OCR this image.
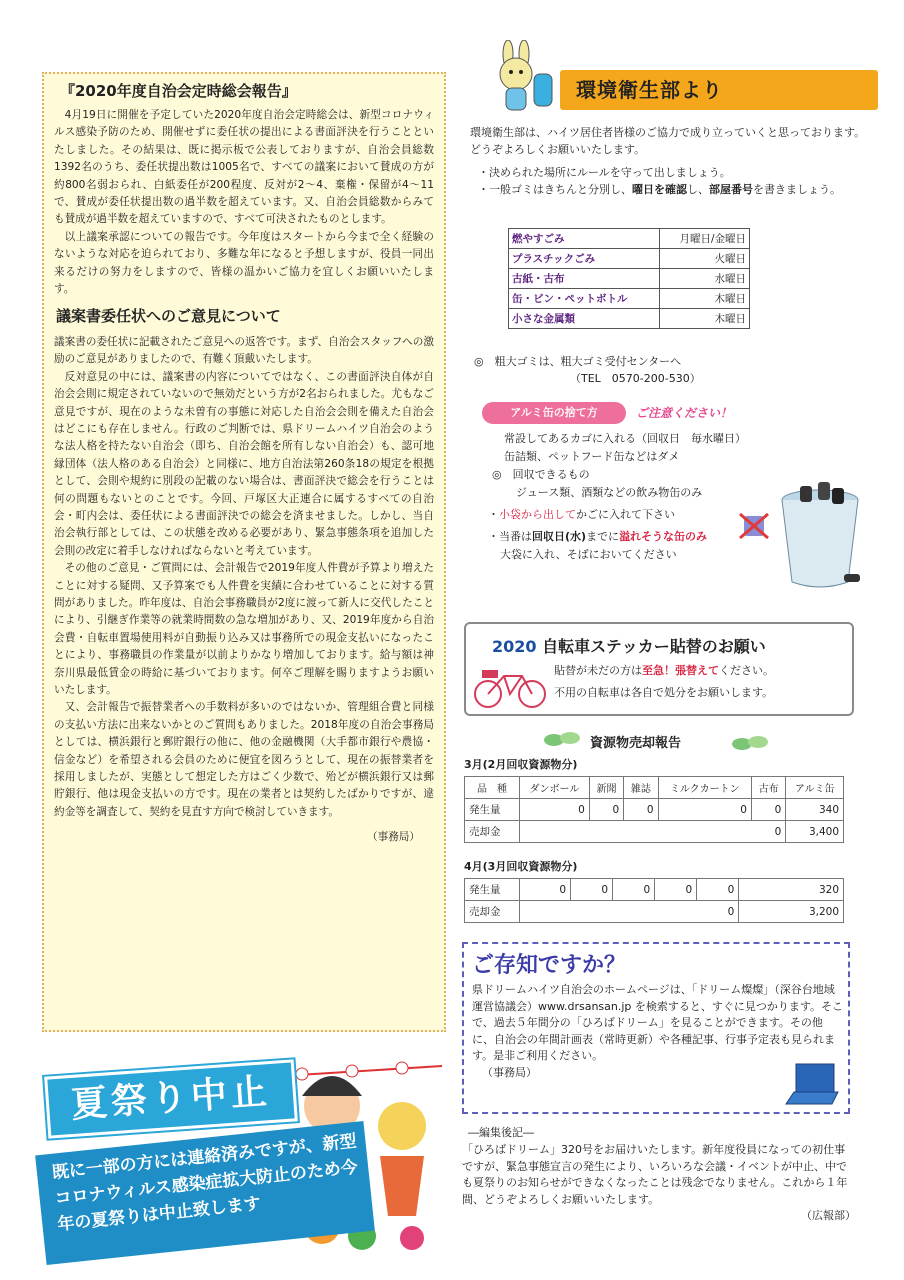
『2020年度自治会定時総会報告』

4月19日に開催を予定していた2020年度自治会定時総会は、新型コロナウィルス感染予防のため、開催せずに委任状の提出による書面評決を行うことといたしました。その結果は、既に掲示板で公表しておりますが、自治会員総数1392名のうち、委任状提出数は1005名で、すべての議案において賛成の方が約800名弱おられ、白紙委任が200程度、反対が2〜4、棄権・保留が4〜11で、賛成が委任状提出数の過半数を超えています。又、自治会員総数からみても賛成が過半数を超えていますので、すべて可決されたものとします。

以上議案承認についての報告です。今年度はスタートから今まで全く経験のないような対応を迫られており、多難な年になると予想しますが、役員一同出来るだけの努力をしますので、皆様の温かいご協力を宜しくお願いいたします。

議案書委任状へのご意見について

議案書の委任状に記載されたご意見への返答です。まず、自治会スタッフへの激励のご意見がありましたので、有難く頂戴いたします。

反対意見の中には、議案書の内容についてではなく、この書面評決自体が自治会会則に規定されていないので無効だという方が2名おられました。尤もなご意見ですが、現在のような未曽有の事態に対応した自治会会則を備えた自治会はどこにも存在しません。行政のご判断では、県ドリームハイツ自治会のような法人格を持たない自治会（即ち、自治会館を所有しない自治会）も、認可地縁団体（法人格のある自治会）と同様に、地方自治法第260条18の規定を根拠として、会則や規約に別段の記載のない場合は、書面評決で総会を行うことは何の問題もないとのことです。今回、戸塚区大正連合に属するすべての自治会・町内会は、委任状による書面評決での総会を済ませました。しかし、当自治会執行部としては、この状態を改める必要があり、緊急事態条項を追加した会則の改定に着手しなければならないと考えています。

その他のご意見・ご質問には、会計報告で2019年度人件費が予算より増えたことに対する疑問、又予算案でも人件費を実績に合わせていることに対する質問がありました。昨年度は、自治会事務職員が2度に渡って新人に交代したことにより、引継ぎ作業等の就業時間数の急な増加があり、又、2019年度から自治会費・自転車置場使用料が自動振り込み又は事務所での現金支払いになったことにより、事務職員の作業量が以前よりかなり増加しております。給与額は神奈川県最低賃金の時給に基づいております。何卒ご理解を賜りますようお願いいたします。

又、会計報告で振替業者への手数料が多いのではないか、管理組合費と同様の支払い方法に出来ないかとのご質問もありました。2018年度の自治会事務局としては、横浜銀行と郵貯銀行の他に、他の金融機関（大手都市銀行や農協・信金など）を希望される会員のために便宜を図ろうとして、現在の振替業者を採用しましたが、実態として想定した方はごく少数で、殆どが横浜銀行又は郵貯銀行、他は現金支払いの方です。現在の業者とは契約したばかりですが、違約金等を調査して、契約を見直す方向で検討していきます。

（事務局）
夏祭り中止
既に一部の方には連絡済みですが、新型コロナウィルス感染症拡大防止のため今年の夏祭りは中止致します
環境衛生部より
環境衛生部は、ハイツ居住者皆様のご協力で成り立っていくと思っております。どうぞよろしくお願いいたします。
・決められた場所にルールを守って出しましょう。
・一般ゴミはきちんと分別し、曜日を確認し、部屋番号を書きましょう。
燃やすごみ	月曜日/金曜日
プラスチックごみ	火曜日
古紙・古布	水曜日
缶・ビン・ペットボトル	木曜日
小さな金属類	木曜日
◎　粗大ゴミは、粗大ゴミ受付センターへ
（TEL　0570-200-530）
アルミ缶の捨て方	ご注意ください！
常設してあるカゴに入れる（回収日　毎水曜日）
缶詰類、ペットフード缶などはダメ
◎　回収できるもの
ジュース類、酒類などの飲み物缶のみ
・小袋から出してかごに入れて下さい
・当番は回収日(水)までに溢れそうな缶のみ
大袋に入れ、そばにおいてください
2020 自転車ステッカー貼替のお願い
貼替が未だの方は至急！張替えてください。
不用の自転車は各自で処分をお願いします。
資源物売却報告
3月(2月回収資源物分)
品　種	ダンボール	新聞	雑誌	ミルクカートン	古布	アルミ缶
発生量	0	0	0	0	0	340
売却金	0					3,400
4月(3月回収資源物分)
発生量	0	0	0	0	0	320
売却金	0					3,200
ご存知ですか？
県ドリームハイツ自治会のホームページは、「ドリーム燦燦」（深谷台地域運営協議会）www.drsansan.jp を検索すると、すぐに見つかります。そこで、過去５年間分の「ひろばドリーム」を見ることができます。その他に、自治会の年間計画表（常時更新）や各種記事、行事予定表も見られます。是非ご利用ください。
（事務局）
―編集後記―
「ひろばドリーム」320号をお届けいたします。新年度役員になっての初仕事ですが、緊急事態宣言の発生により、いろいろな会議・イベントが中止、中でも夏祭りのお知らせができなくなったことは残念でなりません。これから１年間、どうぞよろしくお願いいたします。
（広報部）
